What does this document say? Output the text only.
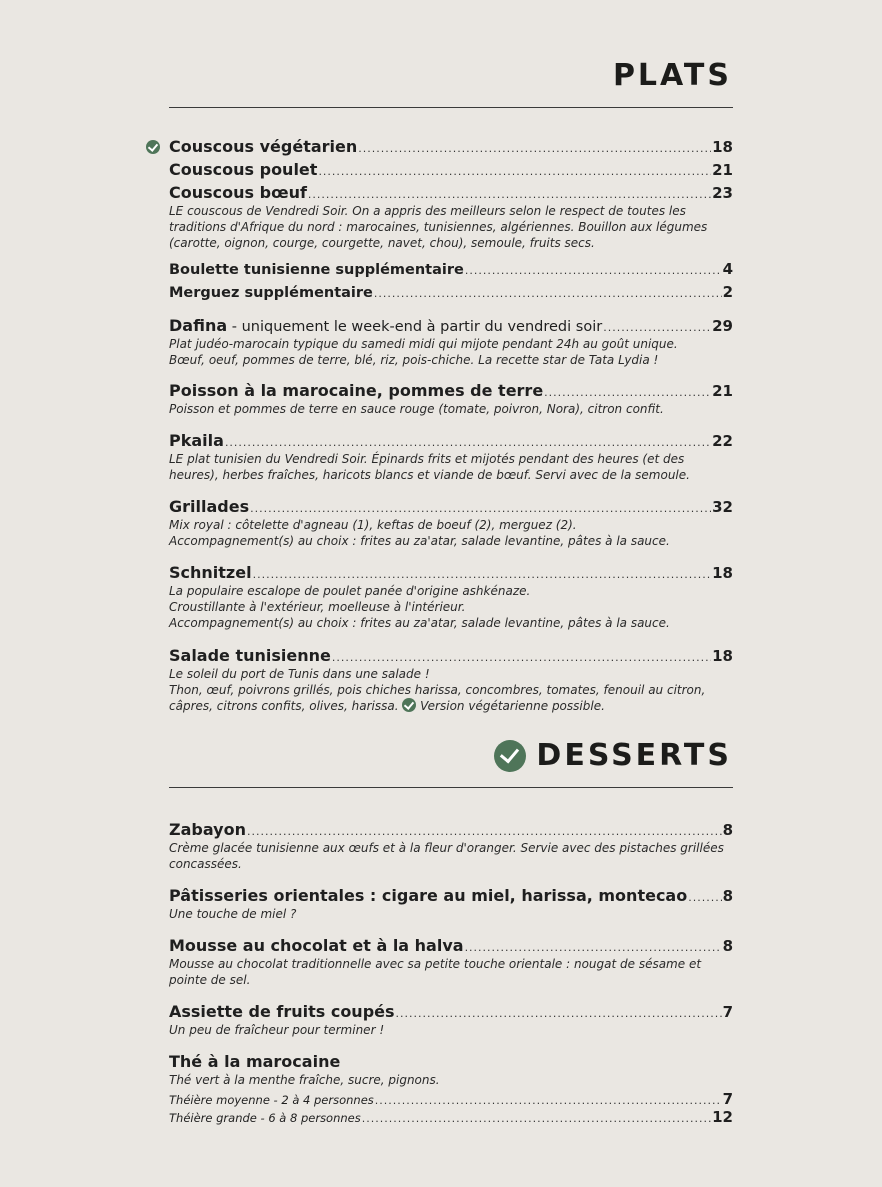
PLATS
Couscous végétarien .....	18
Couscous poulet .....	21
Couscous bœuf .....	23
LE couscous de Vendredi Soir. On a appris des meilleurs selon le respect de toutes les traditions d'Afrique du nord : marocaines, tunisiennes, algériennes. Bouillon aux légumes (carotte, oignon, courge, courgette, navet, chou), semoule, fruits secs.
Boulette tunisienne supplémentaire .....	4
Merguez supplémentaire .....	2
Dafina - uniquement le week-end à partir du vendredi soir .....	29
Plat judéo-marocain typique du samedi midi qui mijote pendant 24h au goût unique.
Bœuf, oeuf, pommes de terre, blé, riz, pois-chiche. La recette star de Tata Lydia !
Poisson à la marocaine, pommes de terre .....	21
Poisson et pommes de terre en sauce rouge (tomate, poivron, Nora), citron confit.
Pkaila .....	22
LE plat tunisien du Vendredi Soir. Épinards frits et mijotés pendant des heures (et des heures), herbes fraîches, haricots blancs et viande de bœuf. Servi avec de la semoule.
Grillades .....	32
Mix royal : côtelette d'agneau (1), keftas de boeuf (2), merguez (2).
Accompagnement(s) au choix : frites au za'atar, salade levantine, pâtes à la sauce.
Schnitzel .....	18
La populaire escalope de poulet panée d'origine ashkénaze.
Croustillante à l'extérieur, moelleuse à l'intérieur.
Accompagnement(s) au choix : frites au za'atar, salade levantine, pâtes à la sauce.
Salade tunisienne .....	18
Le soleil du port de Tunis dans une salade !
Thon, œuf, poivrons grillés, pois chiches harissa, concombres, tomates, fenouil au citron, câpres, citrons confits, olives, harissa. Version végétarienne possible.
DESSERTS
Zabayon .....	8
Crème glacée tunisienne aux œufs et à la fleur d'oranger. Servie avec des pistaches grillées concassées.
Pâtisseries orientales : cigare au miel, harissa, montecao ..... 8
Une touche de miel ?
Mousse au chocolat et à la halva .....	8
Mousse au chocolat traditionnelle avec sa petite touche orientale : nougat de sésame et pointe de sel.
Assiette de fruits coupés .....	7
Un peu de fraîcheur pour terminer !
Thé à la marocaine
Thé vert à la menthe fraîche, sucre, pignons.
Théière moyenne - 2 à 4 personnes .....	7
Théière grande - 6 à 8 personnes .....	12
